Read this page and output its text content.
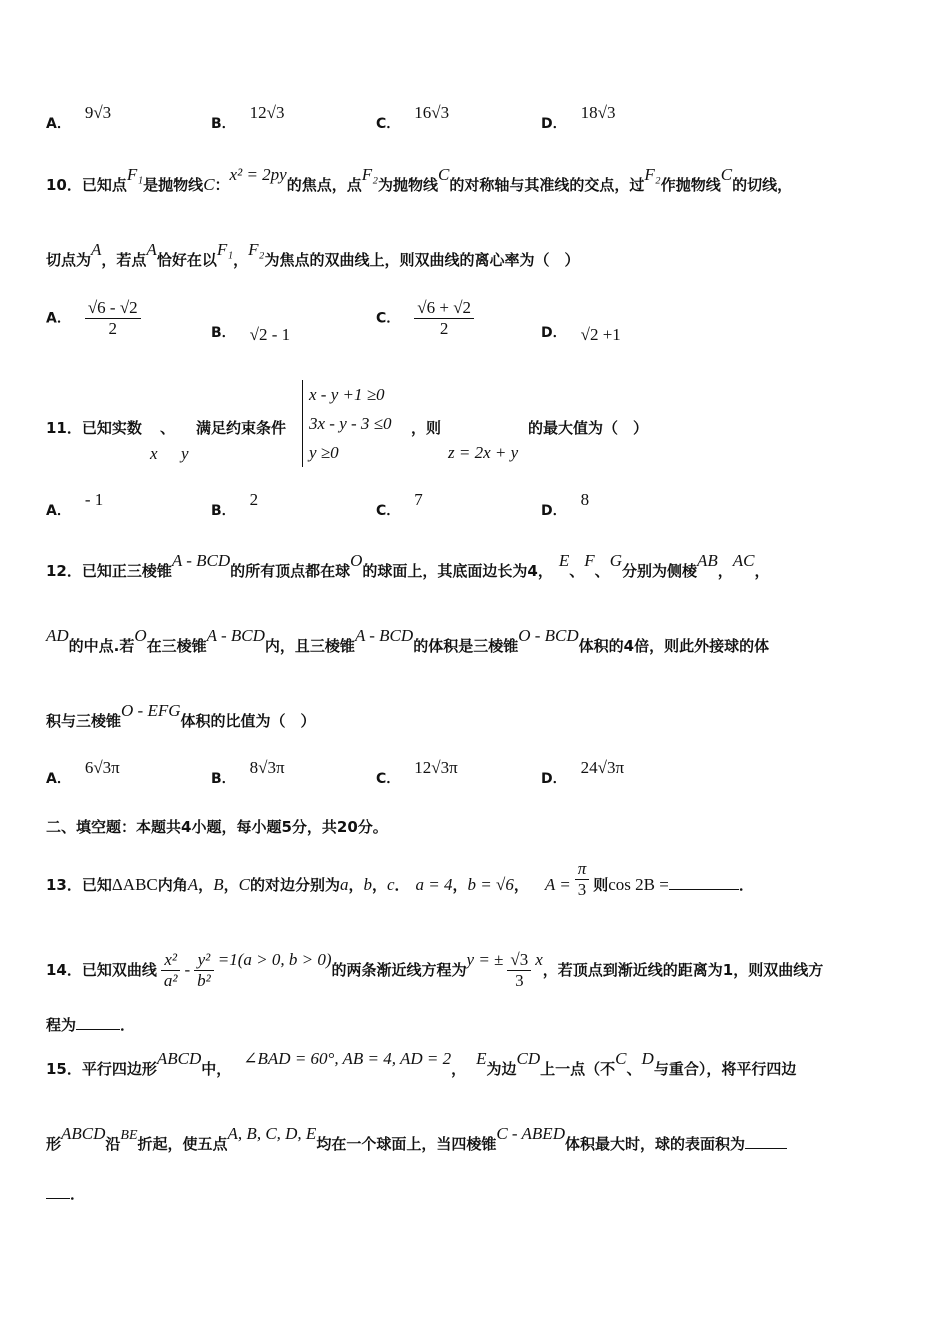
A．9√3
B．12√3
C．16√3
D．18√3
10．已知点F₁是抛物线C：x² = 2py的焦点，点F₂为抛物线C的对称轴与其准线的交点，过F₂作抛物线C的切线，
切点为A，若点A恰好在以F₁，F₂为焦点的双曲线上，则双曲线的离心率为（　）
A． $\frac{√6 - √2}{2}$	B． √2 - 1
C． $\frac{√6 + √2}{2}$	D． √2 +1
11．已知实数
x
、
y
满足约束条件
x - y +1 ≥0
3x - y - 3 ≤0
y ≥0
，则
z = 2x + y
的最大值为（　）
A．- 1
B．2
C．7
D．8
12．已知正三棱锥A - BCD的所有顶点都在球O的球面上，其底面边长为4，E、F、G分别为侧棱AB，AC，
AD的中点.若O在三棱锥A - BCD内，且三棱锥A - BCD的体积是三棱锥O - BCD体积的4倍，则此外接球的体
积与三棱锥O - EFG体积的比值为（　）
A．6√3π
B．8√3π
C．12√3π
D．24√3π
二、填空题：本题共4小题，每小题5分，共20分。
13．已知ΔABC内角A，B，C的对边分别为a，b，c． a = 4，b = √6， $A = \frac{\pi}{3}$ 则cos 2B =	．
14．已知双曲线 $\frac{\text{x²}}{\text{a²}} - \frac{\text{y²}}{\text{b²}} =1(a > 0$, b > 0)的两条渐近线方程为y = ± $\frac{√3}{3}$ x，若顶点到渐近线的距离为1，则双曲线方
程为	．
15．平行四边形ABCD中，∠BAD = 60°, AB = 4, AD = 2，E为边CD上一点（不C、D与重合），将平行四边
形ABCD沿BE折起，使五点A, B, C, D, E均在一个球面上，当四棱锥C - ABED体积最大时，球的表面积为
．
